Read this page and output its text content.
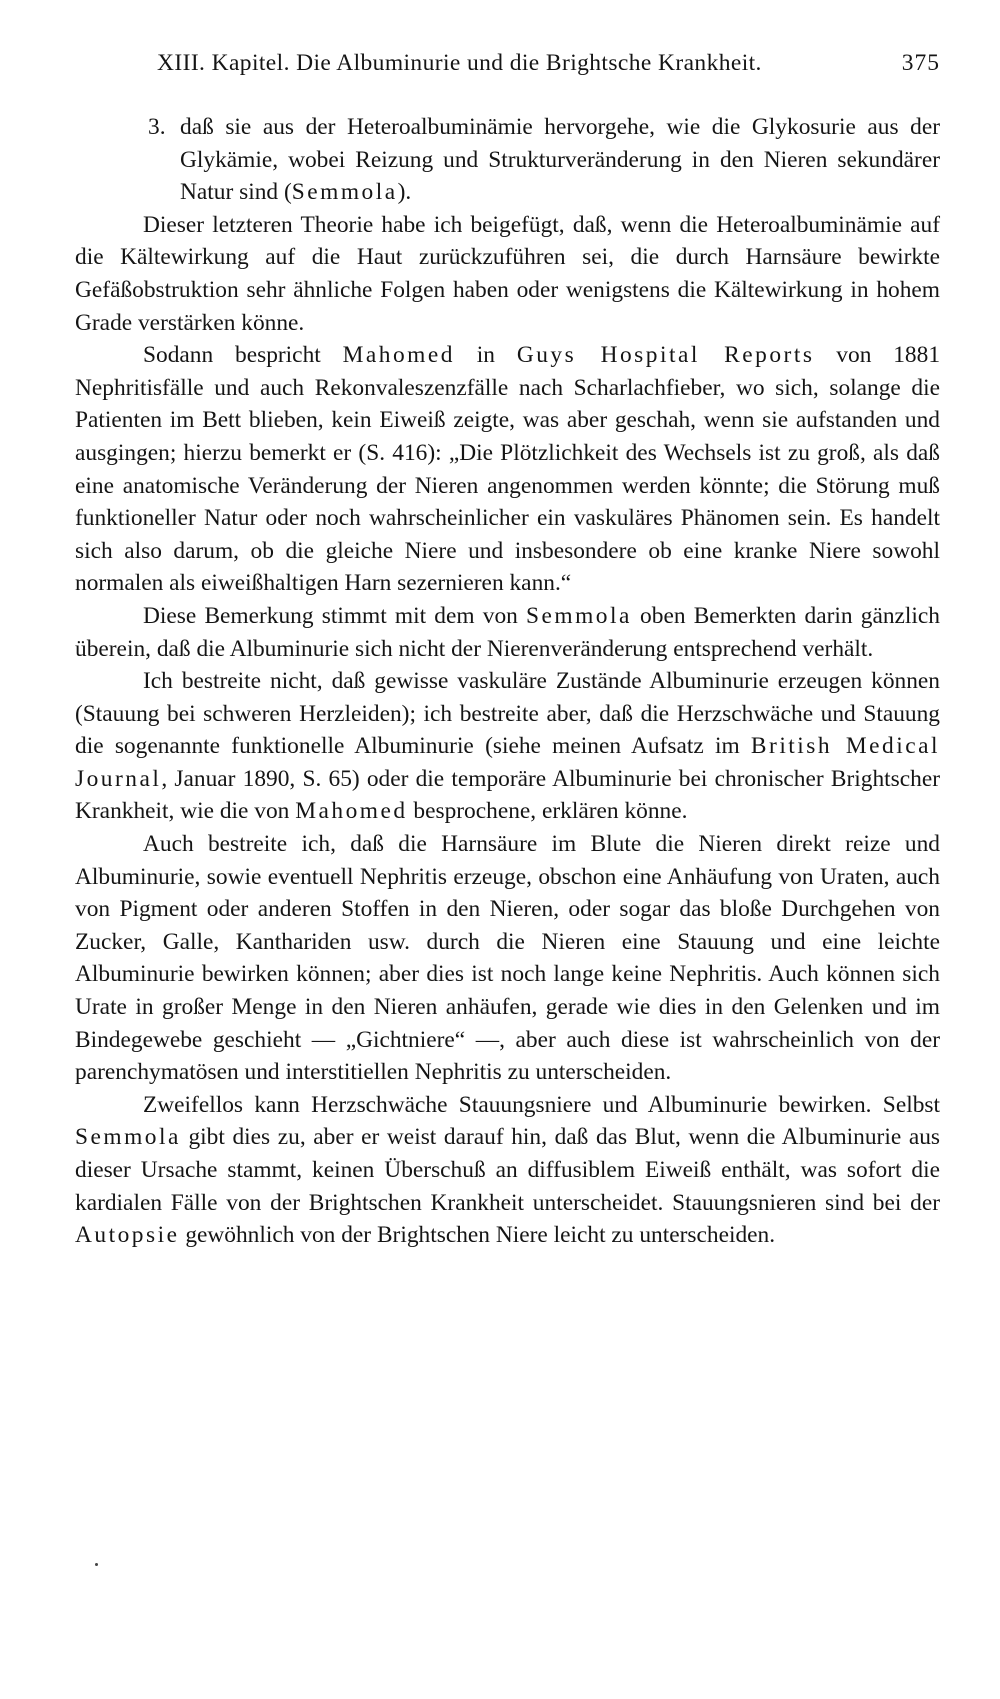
XIII. Kapitel. Die Albuminurie und die Brightsche Krankheit.	375

3. daß sie aus der Heteroalbuminämie hervorgehe, wie die Glykosurie aus der Glykämie, wobei Reizung und Strukturveränderung in den Nieren sekundärer Natur sind (Semmola).

Dieser letzteren Theorie habe ich beigefügt, daß, wenn die Heteroalbuminämie auf die Kältewirkung auf die Haut zurückzuführen sei, die durch Harnsäure bewirkte Gefäßobstruktion sehr ähnliche Folgen haben oder wenigstens die Kältewirkung in hohem Grade verstärken könne.

Sodann bespricht Mahomed in Guys Hospital Reports von 1881 Nephritisfälle und auch Rekonvaleszenzfälle nach Scharlachfieber, wo sich, solange die Patienten im Bett blieben, kein Eiweiß zeigte, was aber geschah, wenn sie aufstanden und ausgingen; hierzu bemerkt er (S. 416): „Die Plötzlichkeit des Wechsels ist zu groß, als daß eine anatomische Veränderung der Nieren angenommen werden könnte; die Störung muß funktioneller Natur oder noch wahrscheinlicher ein vaskuläres Phänomen sein. Es handelt sich also darum, ob die gleiche Niere und insbesondere ob eine kranke Niere sowohl normalen als eiweißhaltigen Harn sezernieren kann.“

Diese Bemerkung stimmt mit dem von Semmola oben Bemerkten darin gänzlich überein, daß die Albuminurie sich nicht der Nierenveränderung entsprechend verhält.

Ich bestreite nicht, daß gewisse vaskuläre Zustände Albuminurie erzeugen können (Stauung bei schweren Herzleiden); ich bestreite aber, daß die Herzschwäche und Stauung die sogenannte funktionelle Albuminurie (siehe meinen Aufsatz im British Medical Journal, Januar 1890, S. 65) oder die temporäre Albuminurie bei chronischer Brightscher Krankheit, wie die von Mahomed besprochene, erklären könne.

Auch bestreite ich, daß die Harnsäure im Blute die Nieren direkt reize und Albuminurie, sowie eventuell Nephritis erzeuge, obschon eine Anhäufung von Uraten, auch von Pigment oder anderen Stoffen in den Nieren, oder sogar das bloße Durchgehen von Zucker, Galle, Kanthariden usw. durch die Nieren eine Stauung und eine leichte Albuminurie bewirken können; aber dies ist noch lange keine Nephritis. Auch können sich Urate in großer Menge in den Nieren anhäufen, gerade wie dies in den Gelenken und im Bindegewebe geschieht — „Gichtniere“ —, aber auch diese ist wahrscheinlich von der parenchymatösen und interstitiellen Nephritis zu unterscheiden.

Zweifellos kann Herzschwäche Stauungsniere und Albuminurie bewirken. Selbst Semmola gibt dies zu, aber er weist darauf hin, daß das Blut, wenn die Albuminurie aus dieser Ursache stammt, keinen Überschuß an diffusiblem Eiweiß enthält, was sofort die kardialen Fälle von der Brightschen Krankheit unterscheidet. Stauungsnieren sind bei der Autopsie gewöhnlich von der Brightschen Niere leicht zu unterscheiden.
